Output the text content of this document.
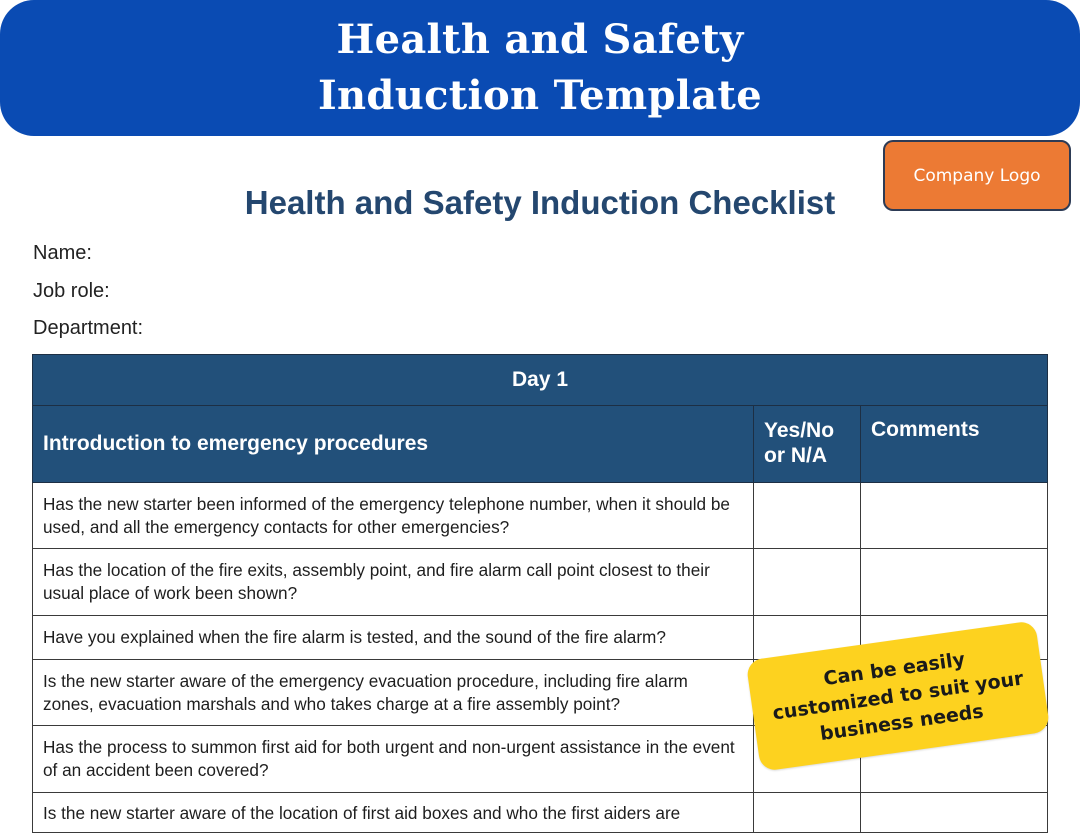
Health and Safety
Induction Template
Company Logo
Health and Safety Induction Checklist
Name:
Job role:
Department:
Day 1		
Introduction to emergency procedures	Yes/No or N/A	Comments
Has the new starter been informed of the emergency telephone number, when it should be used, and all the emergency contacts for other emergencies?		
Has the location of the fire exits, assembly point, and fire alarm call point closest to their usual place of work been shown?		
Have you explained when the fire alarm is tested, and the sound of the fire alarm?		
Is the new starter aware of the emergency evacuation procedure, including fire alarm zones, evacuation marshals and who takes charge at a fire assembly point?		
Has the process to summon first aid for both urgent and non-urgent assistance in the event of an accident been covered?		
Is the new starter aware of the location of first aid boxes and who the first aiders are		
Can be easily customized to suit your business needs
